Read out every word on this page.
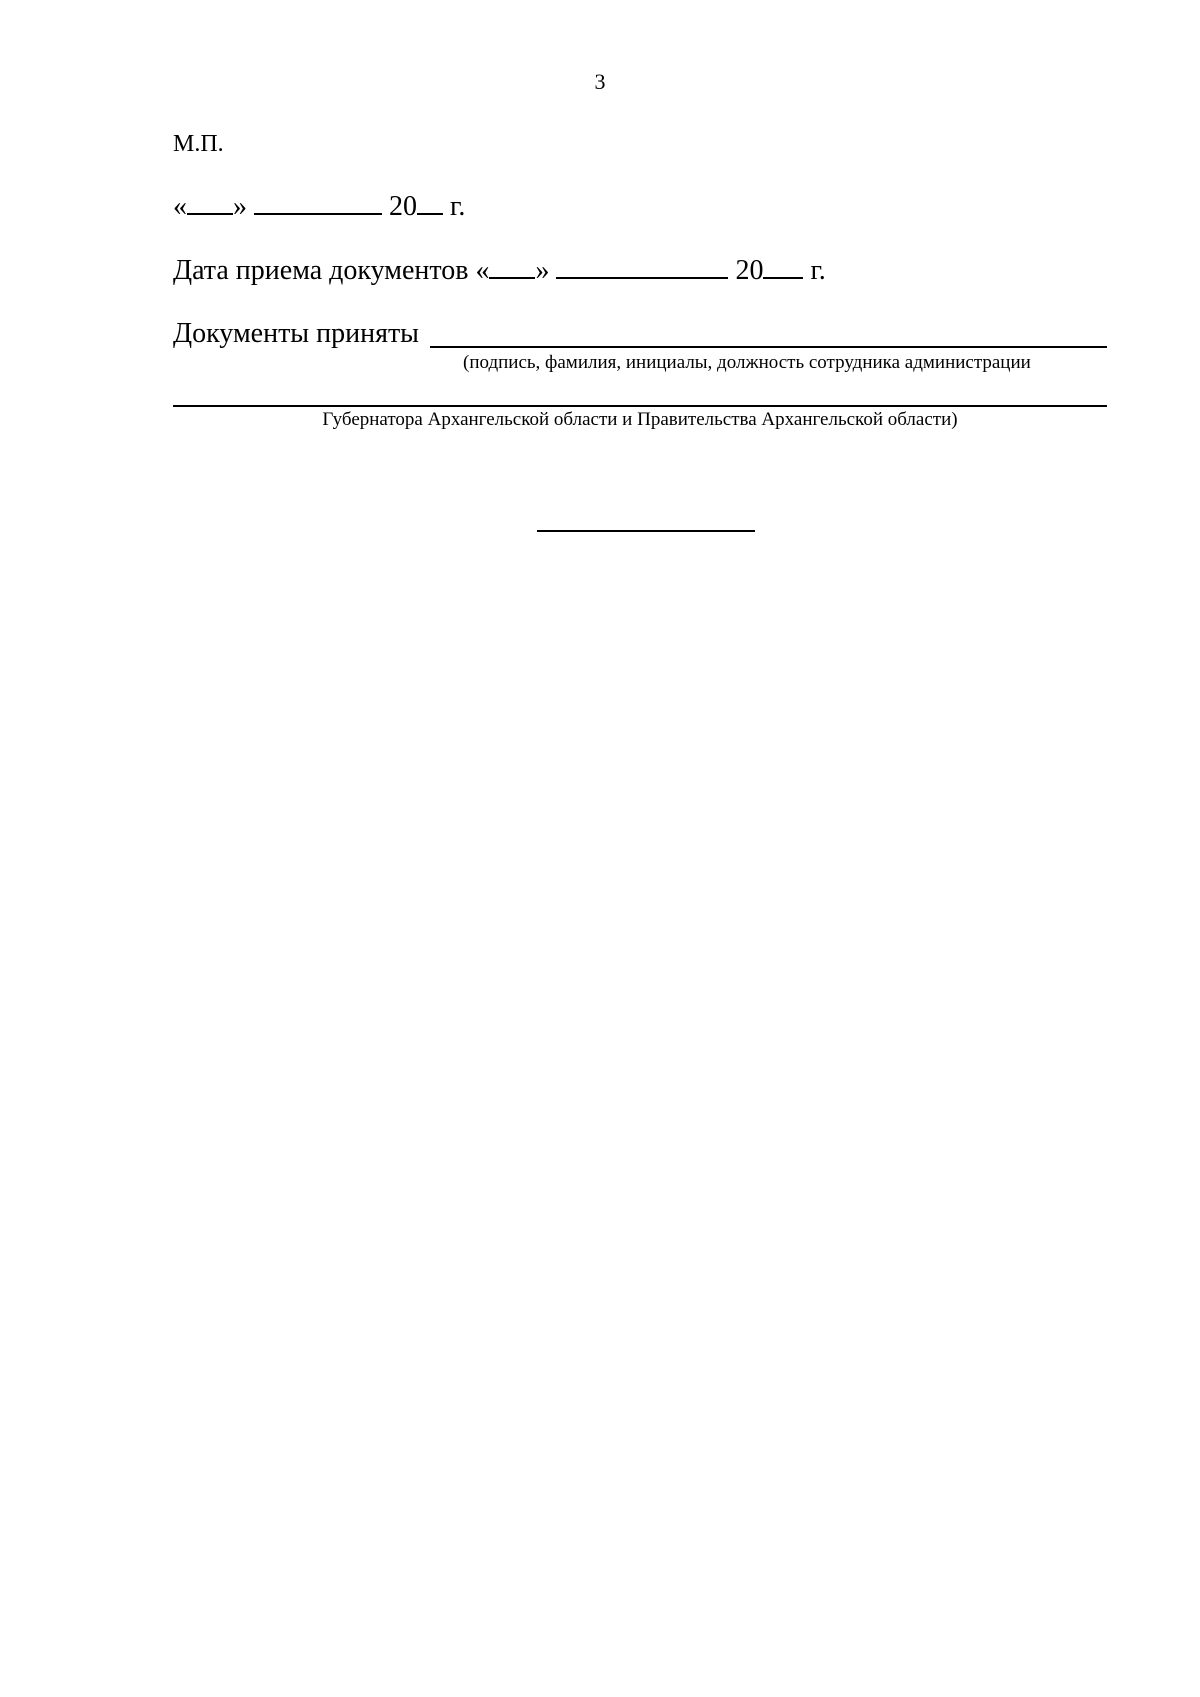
3
М.П.
« »	20 г.
Дата приема документов « »	20 г.
Документы приняты
(подпись, фамилия, инициалы, должность сотрудника администрации
Губернатора Архангельской области и Правительства Архангельской области)
